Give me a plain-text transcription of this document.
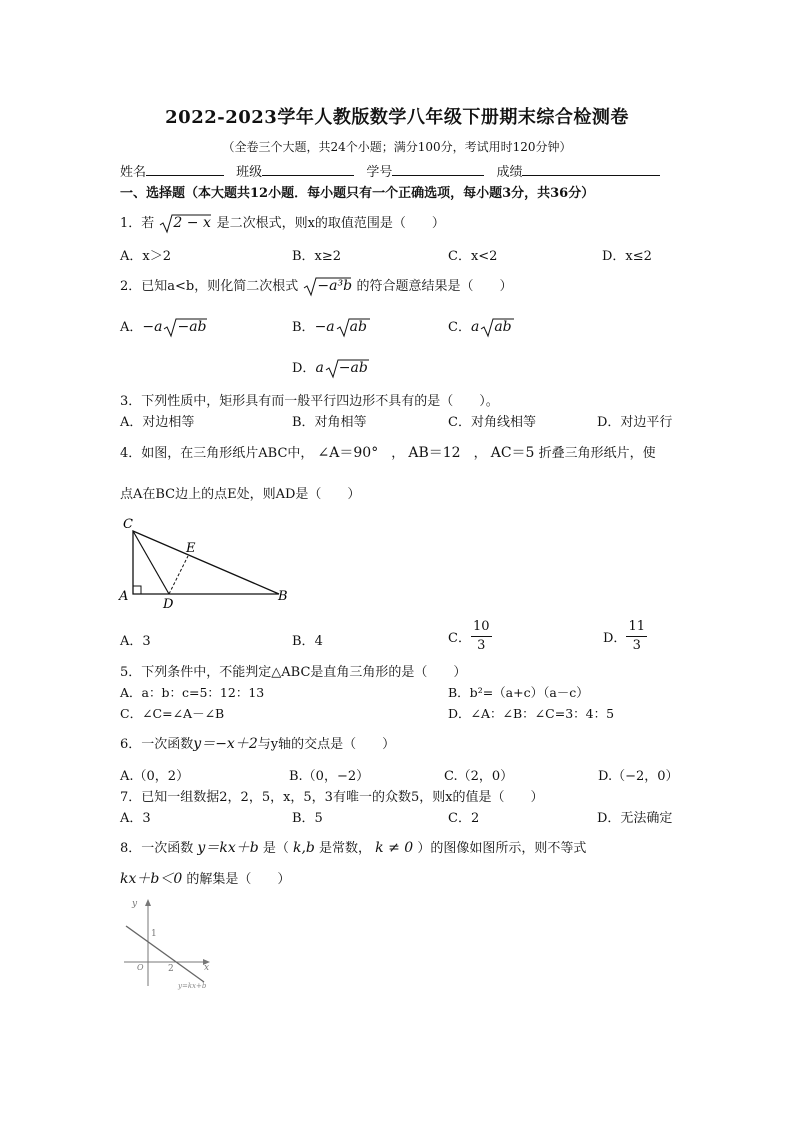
2022-2023学年人教版数学八年级下册期末综合检测卷
（全卷三个大题，共24个小题；满分100分，考试用时120分钟）
姓名	班级	学号	成绩
一、选择题（本大题共12小题．每小题只有一个正确选项，每小题3分，共36分）
1．若 2 − x 是二次根式，则x的取值范围是（　　）
A．x＞2	B．x≥2	C．x<2	D．x≤2
2．已知a<b，则化简二次根式 −a³b 的符合题意结果是（　　）
A．−a −ab	B．−a ab	C．a ab
D．a −ab
3．下列性质中，矩形具有而一般平行四边形不具有的是（　　）。
A．对边相等	B．对角相等	C．对角线相等	D．对边平行
4．如图，在三角形纸片ABC中， ∠A＝90°　， AB＝12　， AC＝5 折叠三角形纸片，使
点A在BC边上的点E处，则AD是（　　）
C
E
A
D
B
A．3	B．4	C． $\frac{10}{3}$	D． $\frac{11}{3}$
5．下列条件中，不能判定△ABC是直角三角形的是（　　）
A．a：b：c=5：12：13	B．b²=（a+c）（a－c）
C．∠C=∠A－∠B	D．∠A：∠B：∠C=3：4：5
6．一次函数y＝−x＋2与y轴的交点是（　　）
A.（0，2）	B.（0，−2）	C.（2，0）	D.（−2，0）
7．已知一组数据2，2，5，x，5，3有唯一的众数5，则x的值是（　　）
A．3	B．5	C．2	D．无法确定
8．一次函数 y＝kx＋b 是（ k,b 是常数， k ≠ 0 ）的图像如图所示，则不等式
kx＋b＜0 的解集是（　　）
y
x
O
1
2
y=kx+b
